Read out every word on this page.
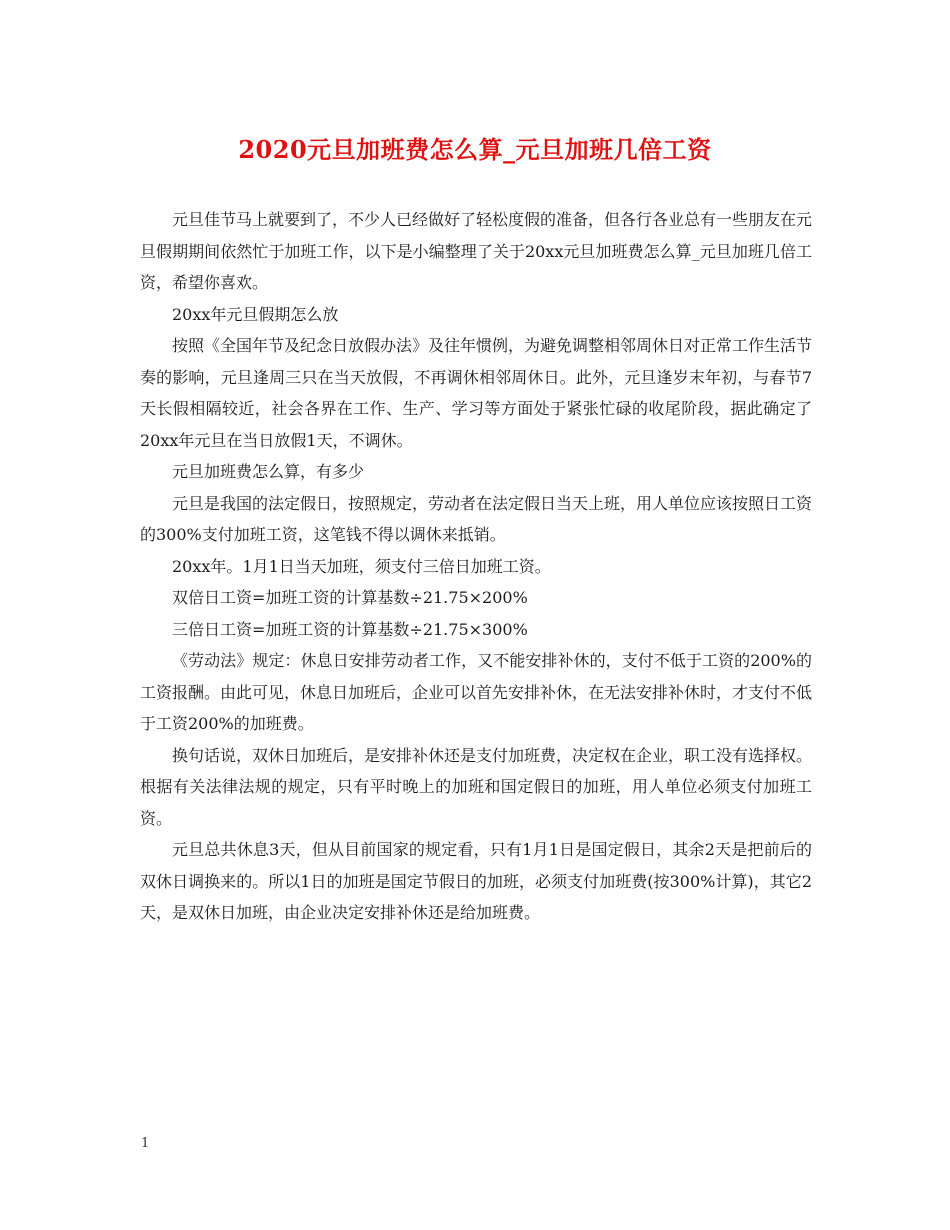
2020元旦加班费怎么算_元旦加班几倍工资

元旦佳节马上就要到了，不少人已经做好了轻松度假的准备，但各行各业总有一些朋友在元旦假期期间依然忙于加班工作，以下是小编整理了关于20xx元旦加班费怎么算_元旦加班几倍工资，希望你喜欢。

20xx年元旦假期怎么放

按照《全国年节及纪念日放假办法》及往年惯例，为避免调整相邻周休日对正常工作生活节奏的影响，元旦逢周三只在当天放假，不再调休相邻周休日。此外，元旦逢岁末年初，与春节7天长假相隔较近，社会各界在工作、生产、学习等方面处于紧张忙碌的收尾阶段，据此确定了20xx年元旦在当日放假1天，不调休。

元旦加班费怎么算，有多少

元旦是我国的法定假日，按照规定，劳动者在法定假日当天上班，用人单位应该按照日工资的300%支付加班工资，这笔钱不得以调休来抵销。

20xx年。1月1日当天加班，须支付三倍日加班工资。

双倍日工资=加班工资的计算基数÷21.75×200%

三倍日工资=加班工资的计算基数÷21.75×300%

《劳动法》规定：休息日安排劳动者工作，又不能安排补休的，支付不低于工资的200%的工资报酬。由此可见，休息日加班后，企业可以首先安排补休，在无法安排补休时，才支付不低于工资200%的加班费。

换句话说，双休日加班后，是安排补休还是支付加班费，决定权在企业，职工没有选择权。根据有关法律法规的规定，只有平时晚上的加班和国定假日的加班，用人单位必须支付加班工资。

元旦总共休息3天，但从目前国家的规定看，只有1月1日是国定假日，其余2天是把前后的双休日调换来的。所以1日的加班是国定节假日的加班，必须支付加班费(按300%计算)，其它2天，是双休日加班，由企业决定安排补休还是给加班费。

1
